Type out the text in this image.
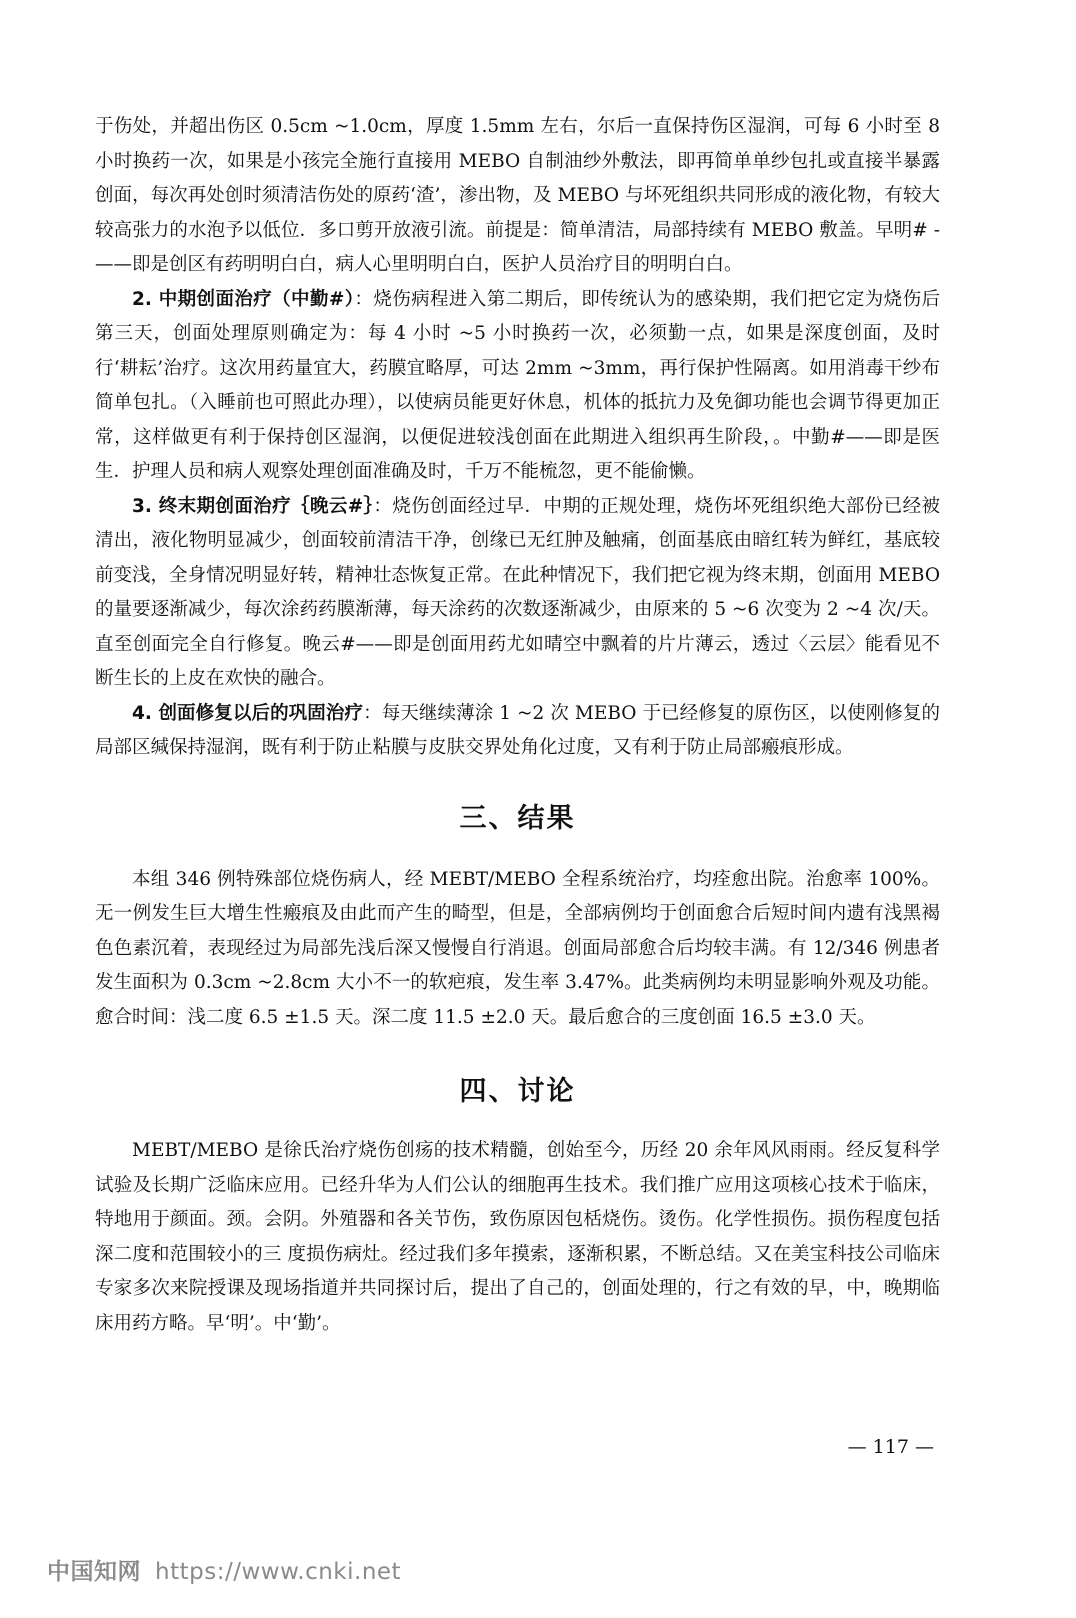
于伤处，并超出伤区 0.5cm ~1.0cm，厚度 1.5mm 左右，尔后一直保持伤区湿润，可每 6 小时至 8 小时换药一次，如果是小孩完全施行直接用 MEBO 自制油纱外敷法，即再简单单纱包扎或直接半暴露创面，每次再处创时须清洁伤处的原药‘渣’，渗出物，及 MEBO 与坏死组织共同形成的液化物，有较大较高张力的水泡予以低位．多口剪开放液引流。前提是：简单清洁，局部持续有 MEBO 敷盖。早明# -——即是创区有药明明白白，病人心里明明白白，医护人员治疗目的明明白白。

2. 中期创面治疗（中勤#）：烧伤病程进入第二期后，即传统认为的感染期，我们把它定为烧伤后第三天，创面处理原则确定为：每 4 小时 ~5 小时换药一次，必须勤一点，如果是深度创面，及时行‘耕耘’治疗。这次用药量宜大，药膜宜略厚，可达 2mm ~3mm，再行保护性隔离。如用消毒干纱布简单包扎。（入睡前也可照此办理），以使病员能更好休息，机体的抵抗力及免御功能也会调节得更加正常，这样做更有利于保持创区湿润，以便促进较浅创面在此期进入组织再生阶段，。中勤#——即是医生．护理人员和病人观察处理创面准确及时，千万不能梳忽，更不能偷懒。

3. 终末期创面治疗｛晚云#｝：烧伤创面经过早．中期的正规处理，烧伤坏死组织绝大部份已经被清出，液化物明显减少，创面较前清洁干净，创缘已无红肿及触痛，创面基底由暗红转为鲜红，基底较前变浅，全身情况明显好转，精神壮态恢复正常。在此种情况下，我们把它视为终末期，创面用 MEBO 的量要逐渐减少，每次涂药药膜渐薄，每天涂药的次数逐渐减少，由原来的 5 ~6 次变为 2 ~4 次/天。直至创面完全自行修复。晚云#——即是创面用药尤如晴空中飘着的片片薄云，透过〈云层〉能看见不断生长的上皮在欢快的融合。

4. 创面修复以后的巩固治疗：每天继续薄涂 1 ~2 次 MEBO 于已经修复的原伤区，以使刚修复的局部区缄保持湿润，既有利于防止粘膜与皮肤交界处角化过度，又有利于防止局部瘢痕形成。

三、结果

本组 346 例特殊部位烧伤病人，经 MEBT/MEBO 全程系统治疗，均痊愈出院。治愈率 100%。无一例发生巨大增生性瘢痕及由此而产生的畸型，但是，全部病例均于创面愈合后短时间内遗有浅黑褐色色素沉着，表现经过为局部先浅后深又慢慢自行消退。创面局部愈合后均较丰满。有 12/346 例患者发生面积为 0.3cm ~2.8cm 大小不一的软疤痕，发生率 3.47%。此类病例均未明显影响外观及功能。愈合时间：浅二度 6.5 ±1.5 天。深二度 11.5 ±2.0 天。最后愈合的三度创面 16.5 ±3.0 天。

四、讨论

MEBT/MEBO 是徐氏治疗烧伤创疡的技术精髓，创始至今，历经 20 余年风风雨雨。经反复科学试验及长期广泛临床应用。已经升华为人们公认的细胞再生技术。我们推广应用这项核心技术于临床，特地用于颜面。颈。会阴。外殖器和各关节伤，致伤原因包栝烧伤。烫伤。化学性损伤。损伤程度包括深二度和范围较小的三 度损伤病灶。经过我们多年摸索，逐渐积累，不断总结。又在美宝科技公司临床专家多次来院授课及现场指道并共同探讨后，提出了自己的，创面处理的，行之有效的早，中，晚期临床用药方略。早‘明’。中‘勤’。

— 117 —
中国知网 https://www.cnki.net
